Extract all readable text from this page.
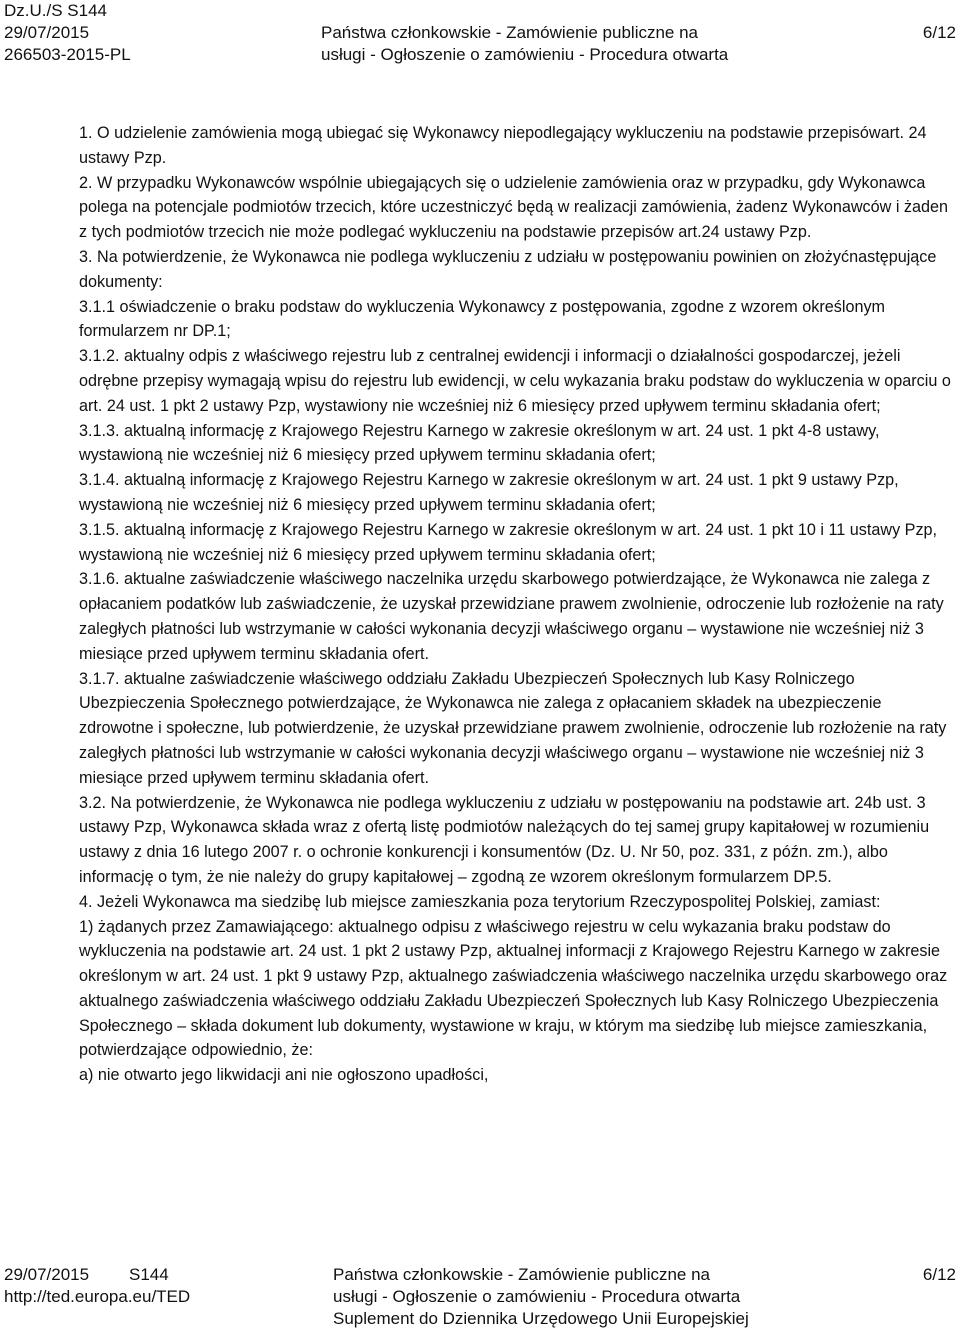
Dz.U./S S144
29/07/2015
266503-2015-PL
Państwa członkowskie - Zamówienie publiczne na
usługi - Ogłoszenie o zamówieniu - Procedura otwarta
6/12

1. O udzielenie zamówienia mogą ubiegać się Wykonawcy niepodlegający wykluczeniu na podstawie przepisówart. 24 ustawy Pzp.

2. W przypadku Wykonawców wspólnie ubiegających się o udzielenie zamówienia oraz w przypadku, gdy Wykonawca polega na potencjale podmiotów trzecich, które uczestniczyć będą w realizacji zamówienia, żadenz Wykonawców i żaden z tych podmiotów trzecich nie może podlegać wykluczeniu na podstawie przepisów art.24 ustawy Pzp.

3. Na potwierdzenie, że Wykonawca nie podlega wykluczeniu z udziału w postępowaniu powinien on złożyćnastępujące dokumenty:

3.1.1 oświadczenie o braku podstaw do wykluczenia Wykonawcy z postępowania, zgodne z wzorem określonym formularzem nr DP.1;

3.1.2. aktualny odpis z właściwego rejestru lub z centralnej ewidencji i informacji o działalności gospodarczej, jeżeli odrębne przepisy wymagają wpisu do rejestru lub ewidencji, w celu wykazania braku podstaw do wykluczenia w oparciu o art. 24 ust. 1 pkt 2 ustawy Pzp, wystawiony nie wcześniej niż 6 miesięcy przed upływem terminu składania ofert;

3.1.3. aktualną informację z Krajowego Rejestru Karnego w zakresie określonym w art. 24 ust. 1 pkt 4-8 ustawy, wystawioną nie wcześniej niż 6 miesięcy przed upływem terminu składania ofert;

3.1.4. aktualną informację z Krajowego Rejestru Karnego w zakresie określonym w art. 24 ust. 1 pkt 9 ustawy Pzp, wystawioną nie wcześniej niż 6 miesięcy przed upływem terminu składania ofert;

3.1.5. aktualną informację z Krajowego Rejestru Karnego w zakresie określonym w art. 24 ust. 1 pkt 10 i 11 ustawy Pzp, wystawioną nie wcześniej niż 6 miesięcy przed upływem terminu składania ofert;

3.1.6. aktualne zaświadczenie właściwego naczelnika urzędu skarbowego potwierdzające, że Wykonawca nie zalega z opłacaniem podatków lub zaświadczenie, że uzyskał przewidziane prawem zwolnienie, odroczenie lub rozłożenie na raty zaległych płatności lub wstrzymanie w całości wykonania decyzji właściwego organu – wystawione nie wcześniej niż 3 miesiące przed upływem terminu składania ofert.

3.1.7. aktualne zaświadczenie właściwego oddziału Zakładu Ubezpieczeń Społecznych lub Kasy Rolniczego Ubezpieczenia Społecznego potwierdzające, że Wykonawca nie zalega z opłacaniem składek na ubezpieczenie zdrowotne i społeczne, lub potwierdzenie, że uzyskał przewidziane prawem zwolnienie, odroczenie lub rozłożenie na raty zaległych płatności lub wstrzymanie w całości wykonania decyzji właściwego organu – wystawione nie wcześniej niż 3 miesiące przed upływem terminu składania ofert.

3.2. Na potwierdzenie, że Wykonawca nie podlega wykluczeniu z udziału w postępowaniu na podstawie art. 24b ust. 3 ustawy Pzp, Wykonawca składa wraz z ofertą listę podmiotów należących do tej samej grupy kapitałowej w rozumieniu ustawy z dnia 16 lutego 2007 r. o ochronie konkurencji i konsumentów (Dz. U. Nr 50, poz. 331, z późn. zm.), albo informację o tym, że nie należy do grupy kapitałowej – zgodną ze wzorem określonym formularzem DP.5.

4. Jeżeli Wykonawca ma siedzibę lub miejsce zamieszkania poza terytorium Rzeczypospolitej Polskiej, zamiast:

1) żądanych przez Zamawiającego: aktualnego odpisu z właściwego rejestru w celu wykazania braku podstaw do wykluczenia na podstawie art. 24 ust. 1 pkt 2 ustawy Pzp, aktualnej informacji z Krajowego Rejestru Karnego w zakresie określonym w art. 24 ust. 1 pkt 9 ustawy Pzp, aktualnego zaświadczenia właściwego naczelnika urzędu skarbowego oraz aktualnego zaświadczenia właściwego oddziału Zakładu Ubezpieczeń Społecznych lub Kasy Rolniczego Ubezpieczenia Społecznego – składa dokument lub dokumenty, wystawione w kraju, w którym ma siedzibę lub miejsce zamieszkania, potwierdzające odpowiednio, że:

a) nie otwarto jego likwidacji ani nie ogłoszono upadłości,

29/07/2015 S144
http://ted.europa.eu/TED
Państwa członkowskie - Zamówienie publiczne na
usługi - Ogłoszenie o zamówieniu - Procedura otwarta
Suplement do Dziennika Urzędowego Unii Europejskiej
6/12
